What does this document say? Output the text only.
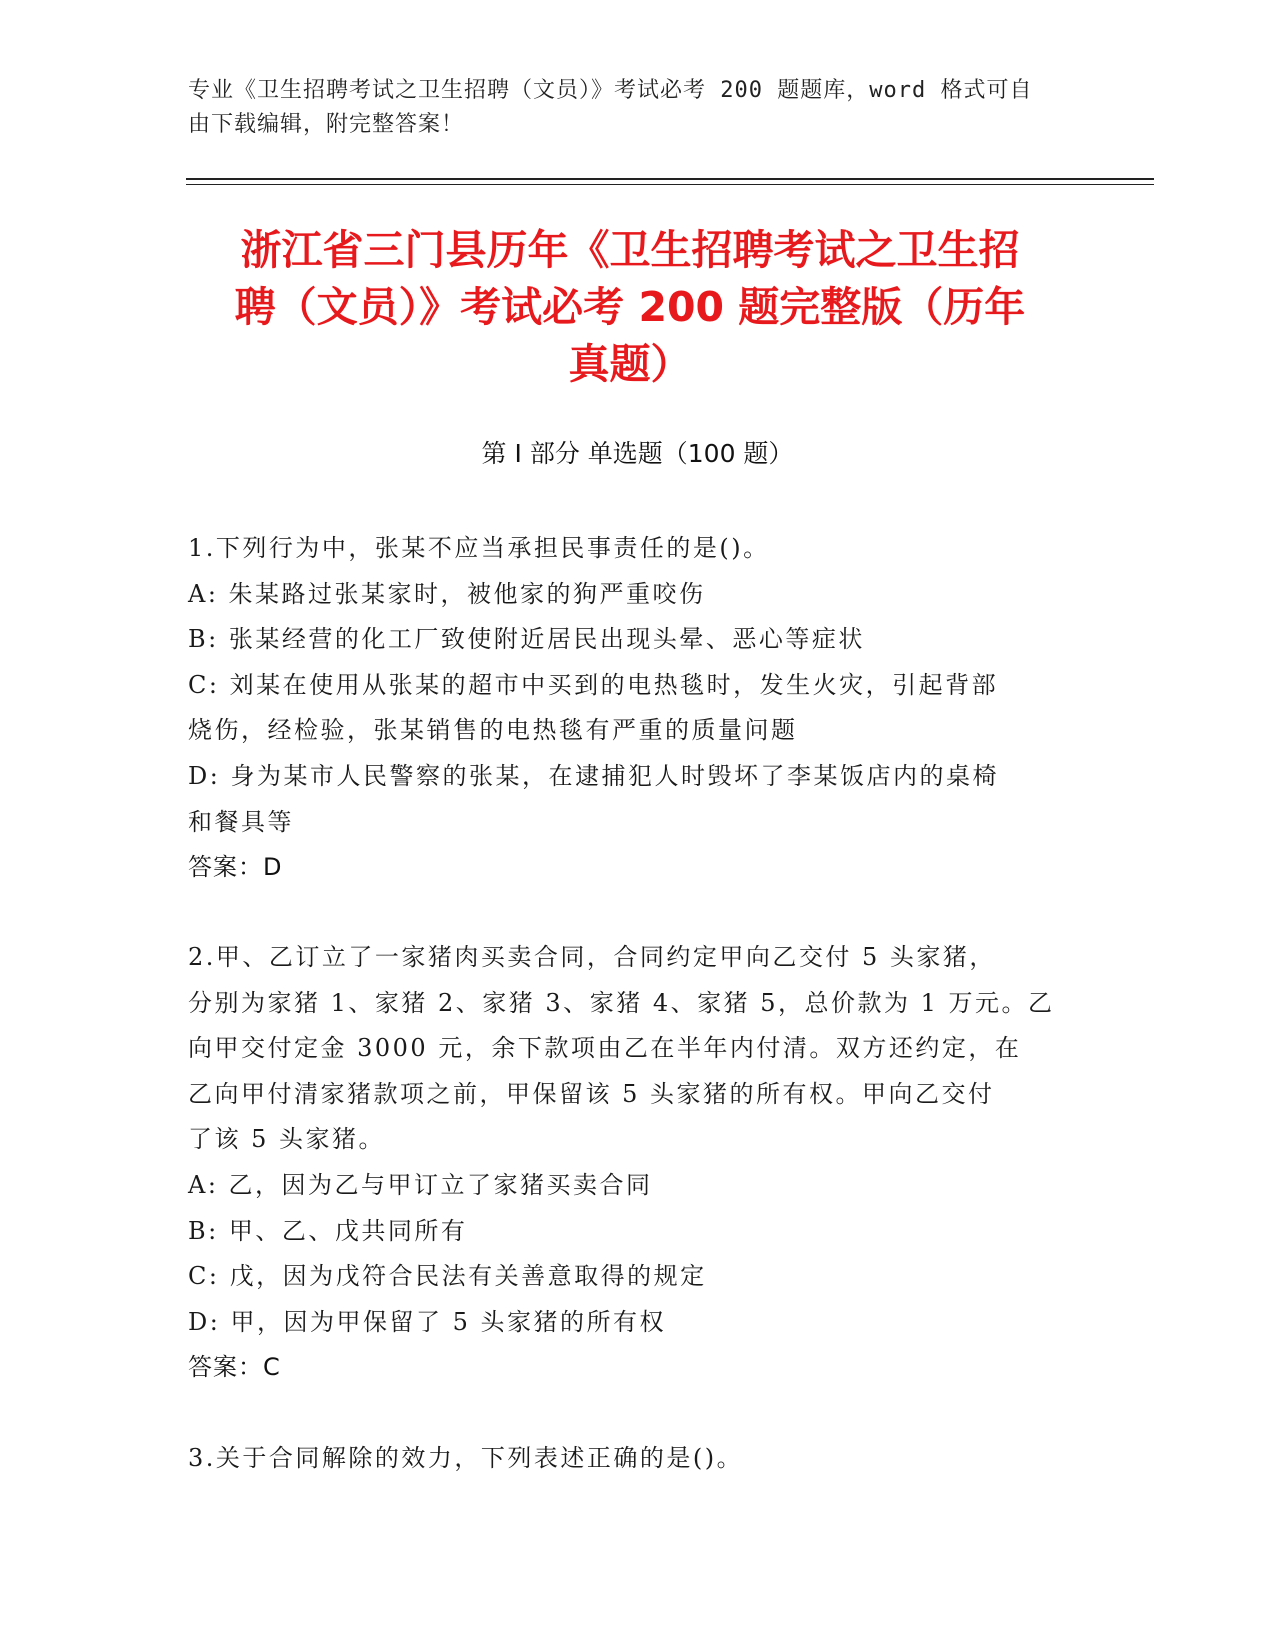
专业《卫生招聘考试之卫生招聘（文员）》考试必考 200 题题库，word 格式可自
由下载编辑，附完整答案！
浙江省三门县历年《卫生招聘考试之卫生招
聘（文员）》考试必考 200 题完整版（历年
真题）
第 I 部分 单选题（100 题）
1.下列行为中，张某不应当承担民事责任的是()。
A: 朱某路过张某家时，被他家的狗严重咬伤
B: 张某经营的化工厂致使附近居民出现头晕、恶心等症状
C: 刘某在使用从张某的超市中买到的电热毯时，发生火灾，引起背部
烧伤，经检验，张某销售的电热毯有严重的质量问题
D: 身为某市人民警察的张某，在逮捕犯人时毁坏了李某饭店内的桌椅
和餐具等
答案：D
2.甲、乙订立了一家猪肉买卖合同，合同约定甲向乙交付 5 头家猪，
分别为家猪 1、家猪 2、家猪 3、家猪 4、家猪 5，总价款为 1 万元。乙
向甲交付定金 3000 元，余下款项由乙在半年内付清。双方还约定，在
乙向甲付清家猪款项之前，甲保留该 5 头家猪的所有权。甲向乙交付
了该 5 头家猪。
A: 乙，因为乙与甲订立了家猪买卖合同
B: 甲、乙、戊共同所有
C: 戊，因为戊符合民法有关善意取得的规定
D: 甲，因为甲保留了 5 头家猪的所有权
答案：C
3.关于合同解除的效力，下列表述正确的是()。
